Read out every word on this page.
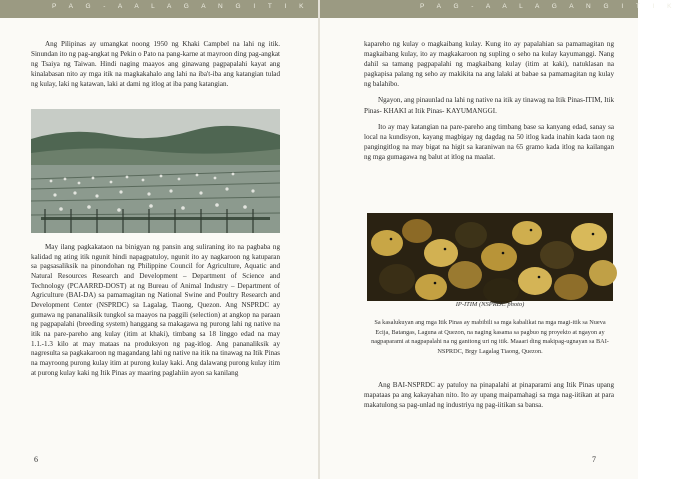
P A G - A A L A G A N G I T I K

Ang Pilipinas ay umangkat noong 1950 ng Khaki Campbel na lahi ng itik. Sinundan ito ng pag-angkat ng Pekin o Pato na pang-karne at mayroon ding pag-angkat ng Tsaiya ng Taiwan. Hindi naging maayos ang ginawang pagpapalahi kayat ang kinalabasan nito ay mga itik na magkakahalo ang lahi na iba't-iba ang katangian tulad ng kulay, laki ng katawan, laki at dami ng itlog at iba pang katangian.

May ilang pagkakataon na binigyan ng pansin ang sulirаning ito na pagbaba ng kalidad ng ating itik ngunit hindi napagpatuloy, ngunit ito ay nagkaroon ng katuparan sa pagsasaliksik na pinondohan ng Philippine Council for Agriculture, Aquatic and Natural Resources Research and Development – Department of Science and Technology (PCAARRD-DOST) at ng Bureau of Animal Industry – Department of Agriculture (BAI-DA) sa pamamagitan ng National Swine and Poultry Research and Development Center (NSPRDC) sa Lagalag, Tiaong, Quezon. Ang NSPRDC ay gumawa ng pananaliksik tungkol sa maayos na paggili (selection) at angkop na paraan ng pagpapalahi (breeding system) hanggang sa makagawa ng purong lahi ng native na itik na pare-pareho ang kulay (itim at khaki), timbang sa 18 linggo edad na may 1.1.-1.3 kilo at may mataas na produksyon ng pag-itlog. Ang pananaliksik ay nagresulta sa pagkakaroon ng magandang lahi ng native na itik na tinawag na Itik Pinas na mayroong purong kulay itim at purong kulay kaki. Ang dalawang purong kulay itim at purong kulay kaki ng Itik Pinas ay maaring paglahiin ayon sa kanilang

6
P A G - A A L A G A N G I T I K

kapareho ng kulay o magkaibang kulay. Kung ito ay papalahian sa pamamagitan ng magkaibang kulay, ito ay magkakaroon ng supling o seho na kulay kayumanggi. Nang dahil sa tamang pagpapalahi ng magkaibang kulay (itim at kaki), natuklasan na pagkapisa palang ng seho ay makikita na ang lalaki at babae sa pamamagitan ng kulay ng balahibo.

Ngayon, ang pinaunlad na lahi ng native na itik ay tinawag na Itik Pinas-ITIM, Itik Pinas- KHAKI at Itik Pinas- KAYUMANGGI.

Ito ay may katangian na pare-pareho ang timbang base sa kanyang edad, sanay sa local na kundisyon, kayang magbigay ng dagdag na 50 itlog kada inahin kada taon ng pangingitlog na may bigat na higit sa karaniwan na 65 gramo kada itlog na kailangan ng mga gumagawa ng balut at itlog na maalat.

IP-ITIM (NSPRDC photo)
Sa kasalukuyan ang mga Itik Pinas ay mabibili sa mga kabalikat na mga magi-itik sa Nueva Ecija, Batangas, Laguna at Quezon, na naging kasama sa pagbuo ng proyekto at ngayon ay nagpaparami at nagpapalahi na ng ganitong uri ng itik. Maaari ding makipag-ugnayan sa BAI-NSPRDC, Brgy Lagalag Tiaong, Quezon.

Ang BAI-NSPRDC ay patuloy na pinapalahi at pinaparami ang Itik Pinas upang mapataas pa ang kakayahan nito. Ito ay upang maipamahagi sa mga nag-iitikan at para makatulong sa pag-unlad ng industriya ng pag-iitikan sa bansa.

7
